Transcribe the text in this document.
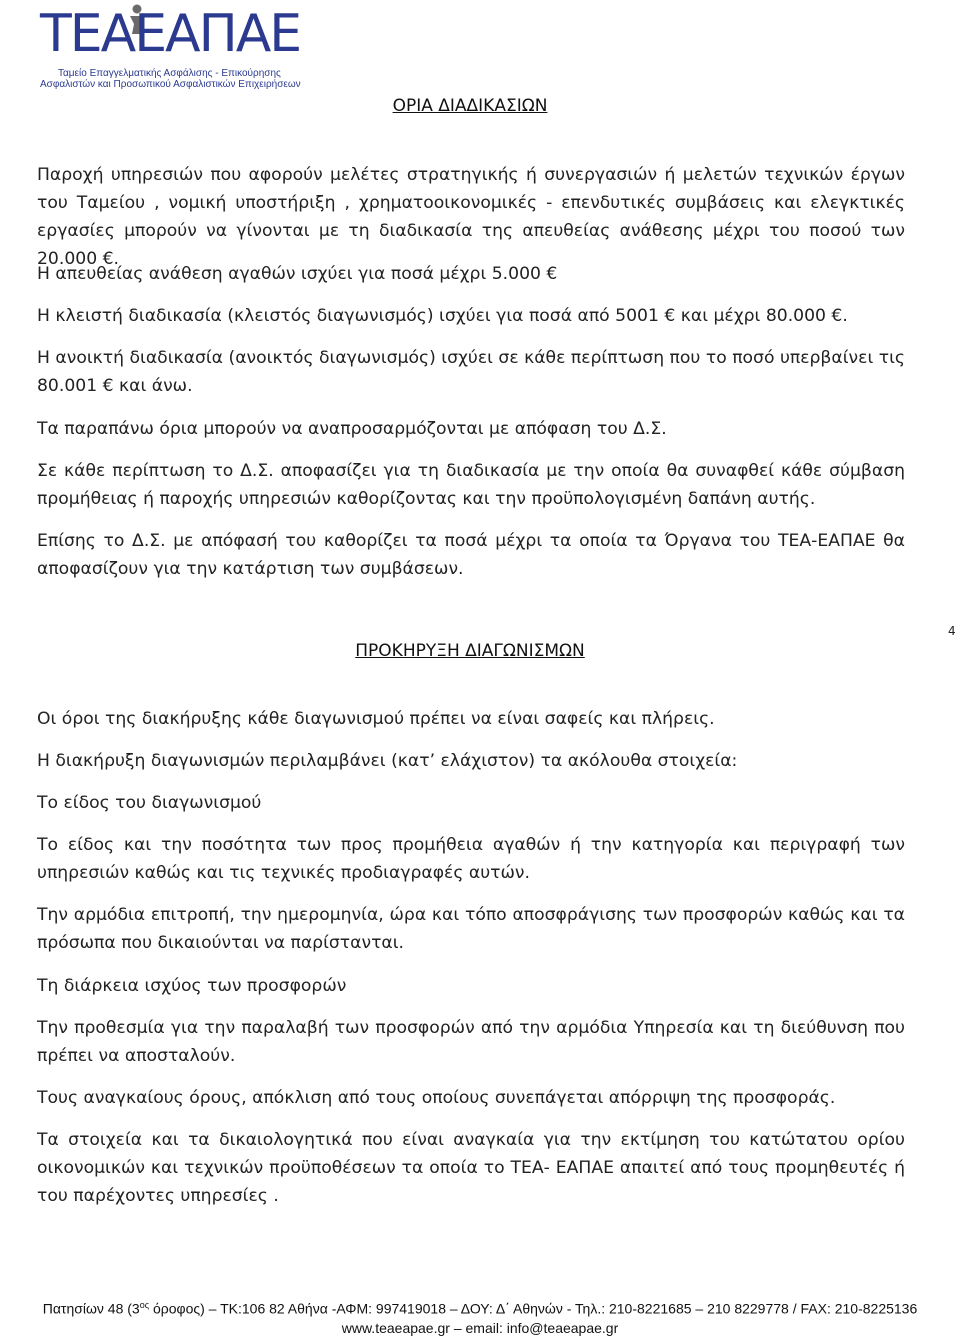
ΤΕΑΕΑΠΑΕ
Ταμείο Επαγγελματικής Ασφάλισης - Επικούρησης
Ασφαλιστών και Προσωπικού Ασφαλιστικών Επιχειρήσεων
ΟΡΙΑ ΔΙΑΔΙΚΑΣΙΩΝ
Παροχή υπηρεσιών που αφορούν μελέτες στρατηγικής ή συνεργασιών ή μελετών τεχνικών έργων του Ταμείου , νομική υποστήριξη , χρηματοοικονομικές - επενδυτικές συμβάσεις και ελεγκτικές εργασίες μπορούν να γίνονται με τη διαδικασία της απευθείας ανάθεσης μέχρι του ποσού των 20.000 €.
Η απευθείας ανάθεση αγαθών ισχύει για ποσά μέχρι 5.000 €
Η κλειστή διαδικασία (κλειστός διαγωνισμός) ισχύει για ποσά από 5001 € και μέχρι 80.000 €.
Η ανοικτή διαδικασία (ανοικτός διαγωνισμός) ισχύει σε κάθε περίπτωση που το ποσό υπερβαίνει τις 80.001 € και άνω.
Τα παραπάνω όρια μπορούν να αναπροσαρμόζονται με απόφαση του Δ.Σ.
Σε κάθε περίπτωση το Δ.Σ. αποφασίζει για τη διαδικασία με την οποία θα συναφθεί κάθε σύμβαση προμήθειας ή παροχής υπηρεσιών καθορίζοντας και την προϋπολογισμένη δαπάνη αυτής.
Επίσης το Δ.Σ. με απόφασή του καθορίζει τα ποσά μέχρι τα οποία τα Όργανα του ΤΕΑ-ΕΑΠΑΕ θα αποφασίζουν για την κατάρτιση των συμβάσεων.
4
ΠΡΟΚΗΡΥΞΗ ΔΙΑΓΩΝΙΣΜΩΝ
Οι όροι της διακήρυξης κάθε διαγωνισμού πρέπει να είναι σαφείς και πλήρεις.
Η διακήρυξη διαγωνισμών περιλαμβάνει (κατ’ ελάχιστον) τα ακόλουθα στοιχεία:
Το είδος του διαγωνισμού
Το είδος και την ποσότητα των προς προμήθεια αγαθών ή την κατηγορία και περιγραφή των υπηρεσιών καθώς και τις τεχνικές προδιαγραφές αυτών.
Την αρμόδια επιτροπή, την ημερομηνία, ώρα και τόπο αποσφράγισης των προσφορών καθώς και τα πρόσωπα που δικαιούνται να παρίστανται.
Τη διάρκεια ισχύος των προσφορών
Την προθεσμία για την παραλαβή των προσφορών από την αρμόδια Υπηρεσία και τη διεύθυνση που πρέπει να αποσταλούν.
Τους αναγκαίους όρους, απόκλιση από τους οποίους συνεπάγεται απόρριψη της προσφοράς.
Τα στοιχεία και τα δικαιολογητικά που είναι αναγκαία για την εκτίμηση του κατώτατου ορίου οικονομικών και τεχνικών προϋποθέσεων τα οποία το ΤΕΑ- ΕΑΠΑΕ απαιτεί από τους προμηθευτές ή του παρέχοντες υπηρεσίες .
Πατησίων 48 ($3^{o\varsigma}$ όροφος) – ΤΚ:106 82 Αθήνα -ΑΦΜ: 997419018 – ΔΟΥ: Δ΄ Αθηνών - Τηλ.: 210-8221685 – 210 8229778 / FAX: 210-8225136
www.teaeapae.gr – email: info@teaeapae.gr
